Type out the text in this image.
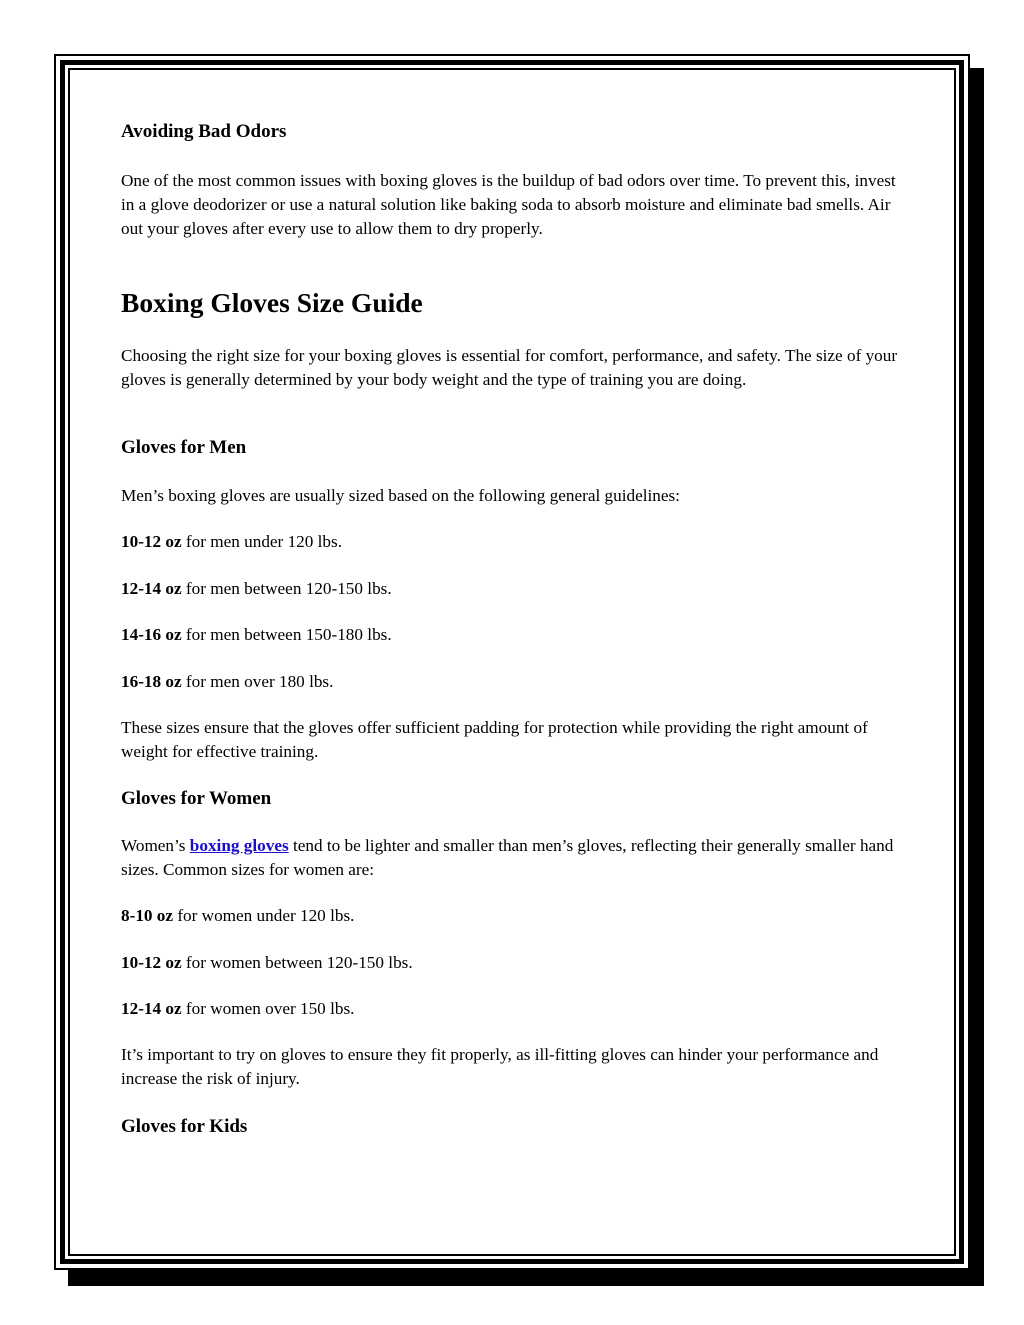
Avoiding Bad Odors

One of the most common issues with boxing gloves is the buildup of bad odors over time. To prevent this, invest in a glove deodorizer or use a natural solution like baking soda to absorb moisture and eliminate bad smells. Air out your gloves after every use to allow them to dry properly.

Boxing Gloves Size Guide

Choosing the right size for your boxing gloves is essential for comfort, performance, and safety. The size of your gloves is generally determined by your body weight and the type of training you are doing.

Gloves for Men

Men’s boxing gloves are usually sized based on the following general guidelines:

10-12 oz for men under 120 lbs.

12-14 oz for men between 120-150 lbs.

14-16 oz for men between 150-180 lbs.

16-18 oz for men over 180 lbs.

These sizes ensure that the gloves offer sufficient padding for protection while providing the right amount of weight for effective training.

Gloves for Women

Women’s boxing gloves tend to be lighter and smaller than men’s gloves, reflecting their generally smaller hand sizes. Common sizes for women are:

8-10 oz for women under 120 lbs.

10-12 oz for women between 120-150 lbs.

12-14 oz for women over 150 lbs.

It’s important to try on gloves to ensure they fit properly, as ill-fitting gloves can hinder your performance and increase the risk of injury.

Gloves for Kids
